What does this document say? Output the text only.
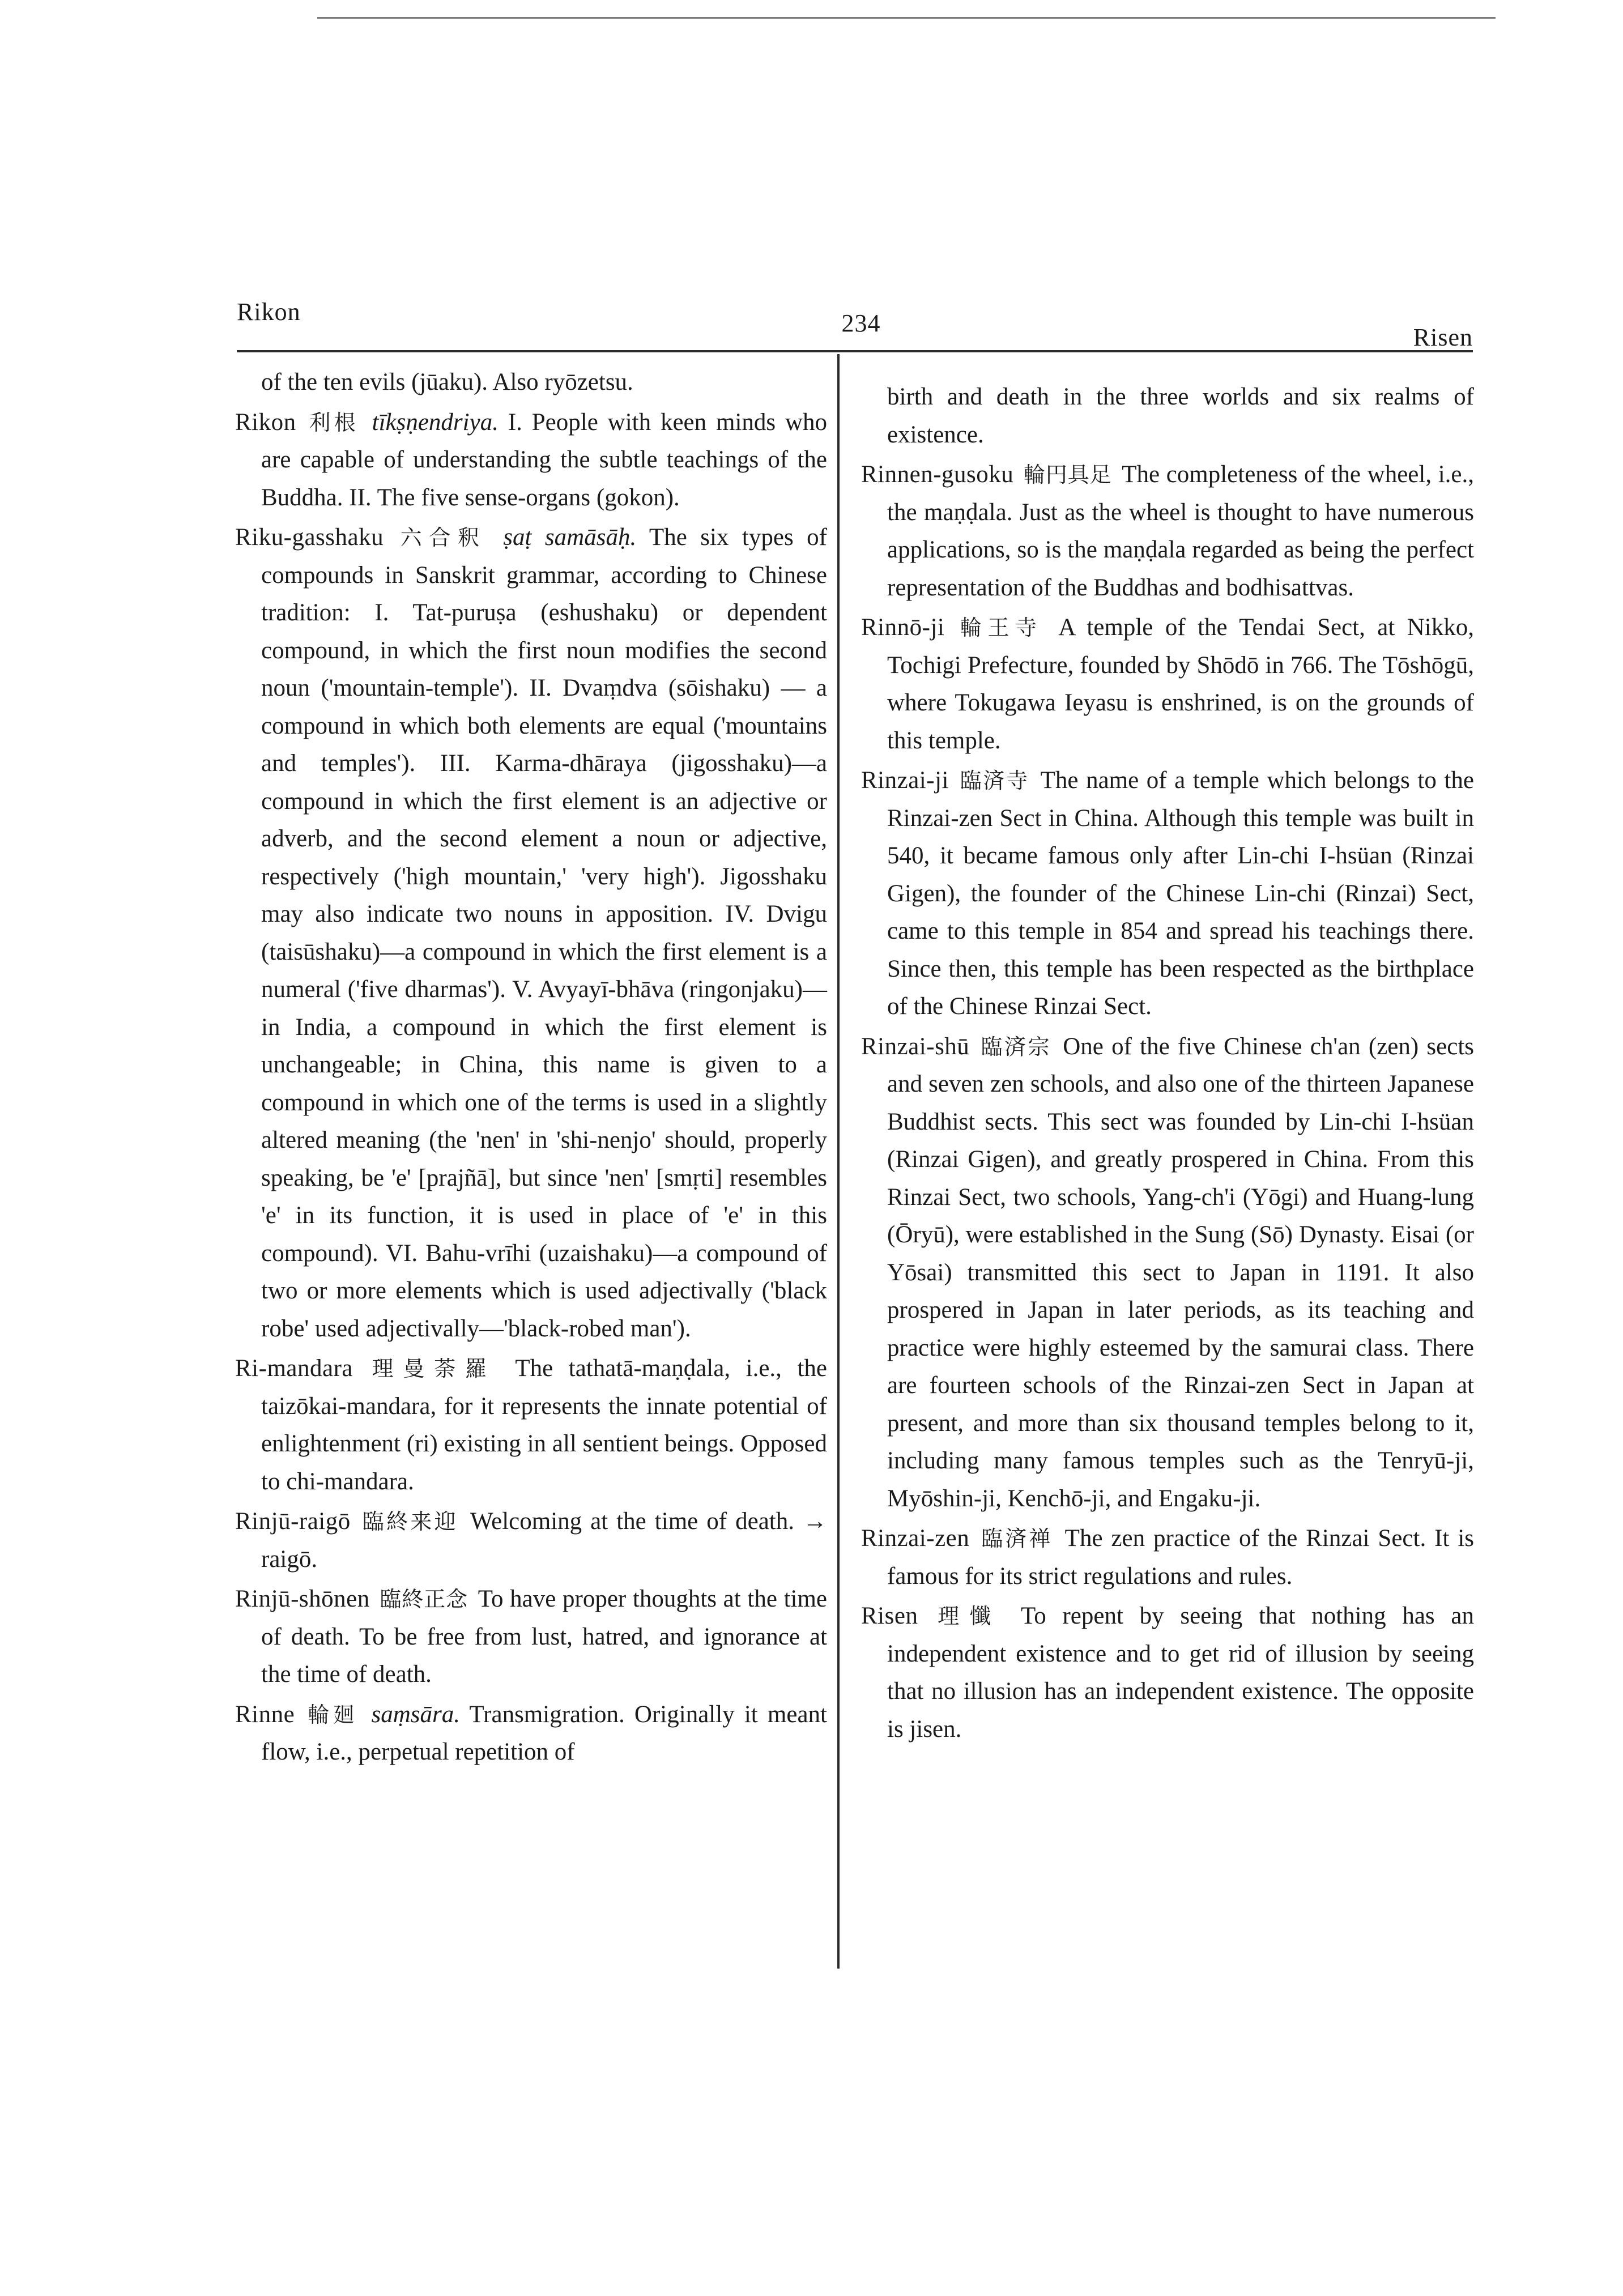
Rikon	234
Risen

of the ten evils (jūaku). Also ryōzetsu.

Rikon 利根 tīkṣṇendriya. I. People with keen minds who are capable of understanding the subtle teachings of the Buddha. II. The five sense-organs (gokon).

Riku-gasshaku 六合釈 ṣaṭ samāsāḥ. The six types of compounds in Sanskrit grammar, according to Chinese tradition: I. Tat-puruṣa (eshushaku) or dependent compound, in which the first noun modifies the second noun ('mountain-temple'). II. Dvaṃdva (sōishaku) — a compound in which both elements are equal ('mountains and temples'). III. Karma-dhāraya (jigosshaku)—a compound in which the first element is an adjective or adverb, and the second element a noun or adjective, respectively ('high mountain,' 'very high'). Jigosshaku may also indicate two nouns in apposition. IV. Dvigu (taisūshaku)—a compound in which the first element is a numeral ('five dharmas'). V. Avyayī-bhāva (ringonjaku)—in India, a compound in which the first element is unchangeable; in China, this name is given to a compound in which one of the terms is used in a slightly altered meaning (the 'nen' in 'shi-nenjo' should, properly speaking, be 'e' [prajñā], but since 'nen' [smṛti] resembles 'e' in its function, it is used in place of 'e' in this compound). VI. Bahu-vrīhi (uzaishaku)—a compound of two or more elements which is used adjectivally ('black robe' used adjectivally—'black-robed man').

Ri-mandara 理曼荼羅 The tathatā-maṇḍala, i.e., the taizōkai-mandara, for it represents the innate potential of enlightenment (ri) existing in all sentient beings. Opposed to chi-mandara.

Rinjū-raigō 臨終来迎 Welcoming at the time of death. → raigō.

Rinjū-shōnen 臨終正念 To have proper thoughts at the time of death. To be free from lust, hatred, and ignorance at the time of death.

Rinne 輪廻 saṃsāra. Transmigration. Originally it meant flow, i.e., perpetual repetition of

birth and death in the three worlds and six realms of existence.

Rinnen-gusoku 輪円具足 The completeness of the wheel, i.e., the maṇḍala. Just as the wheel is thought to have numerous applications, so is the maṇḍala regarded as being the perfect representation of the Buddhas and bodhisattvas.

Rinnō-ji 輪王寺 A temple of the Tendai Sect, at Nikko, Tochigi Prefecture, founded by Shōdō in 766. The Tōshōgū, where Tokugawa Ieyasu is enshrined, is on the grounds of this temple.

Rinzai-ji 臨済寺 The name of a temple which belongs to the Rinzai-zen Sect in China. Although this temple was built in 540, it became famous only after Lin-chi I-hsüan (Rinzai Gigen), the founder of the Chinese Lin-chi (Rinzai) Sect, came to this temple in 854 and spread his teachings there. Since then, this temple has been respected as the birthplace of the Chinese Rinzai Sect.

Rinzai-shū 臨済宗 One of the five Chinese ch'an (zen) sects and seven zen schools, and also one of the thirteen Japanese Buddhist sects. This sect was founded by Lin-chi I-hsüan (Rinzai Gigen), and greatly prospered in China. From this Rinzai Sect, two schools, Yang-ch'i (Yōgi) and Huang-lung (Ōryū), were established in the Sung (Sō) Dynasty. Eisai (or Yōsai) transmitted this sect to Japan in 1191. It also prospered in Japan in later periods, as its teaching and practice were highly esteemed by the samurai class. There are fourteen schools of the Rinzai-zen Sect in Japan at present, and more than six thousand temples belong to it, including many famous temples such as the Tenryū-ji, Myōshin-ji, Kenchō-ji, and Engaku-ji.

Rinzai-zen 臨済禅 The zen practice of the Rinzai Sect. It is famous for its strict regulations and rules.

Risen 理懺 To repent by seeing that nothing has an independent existence and to get rid of illusion by seeing that no illusion has an independent existence. The opposite is jisen.
